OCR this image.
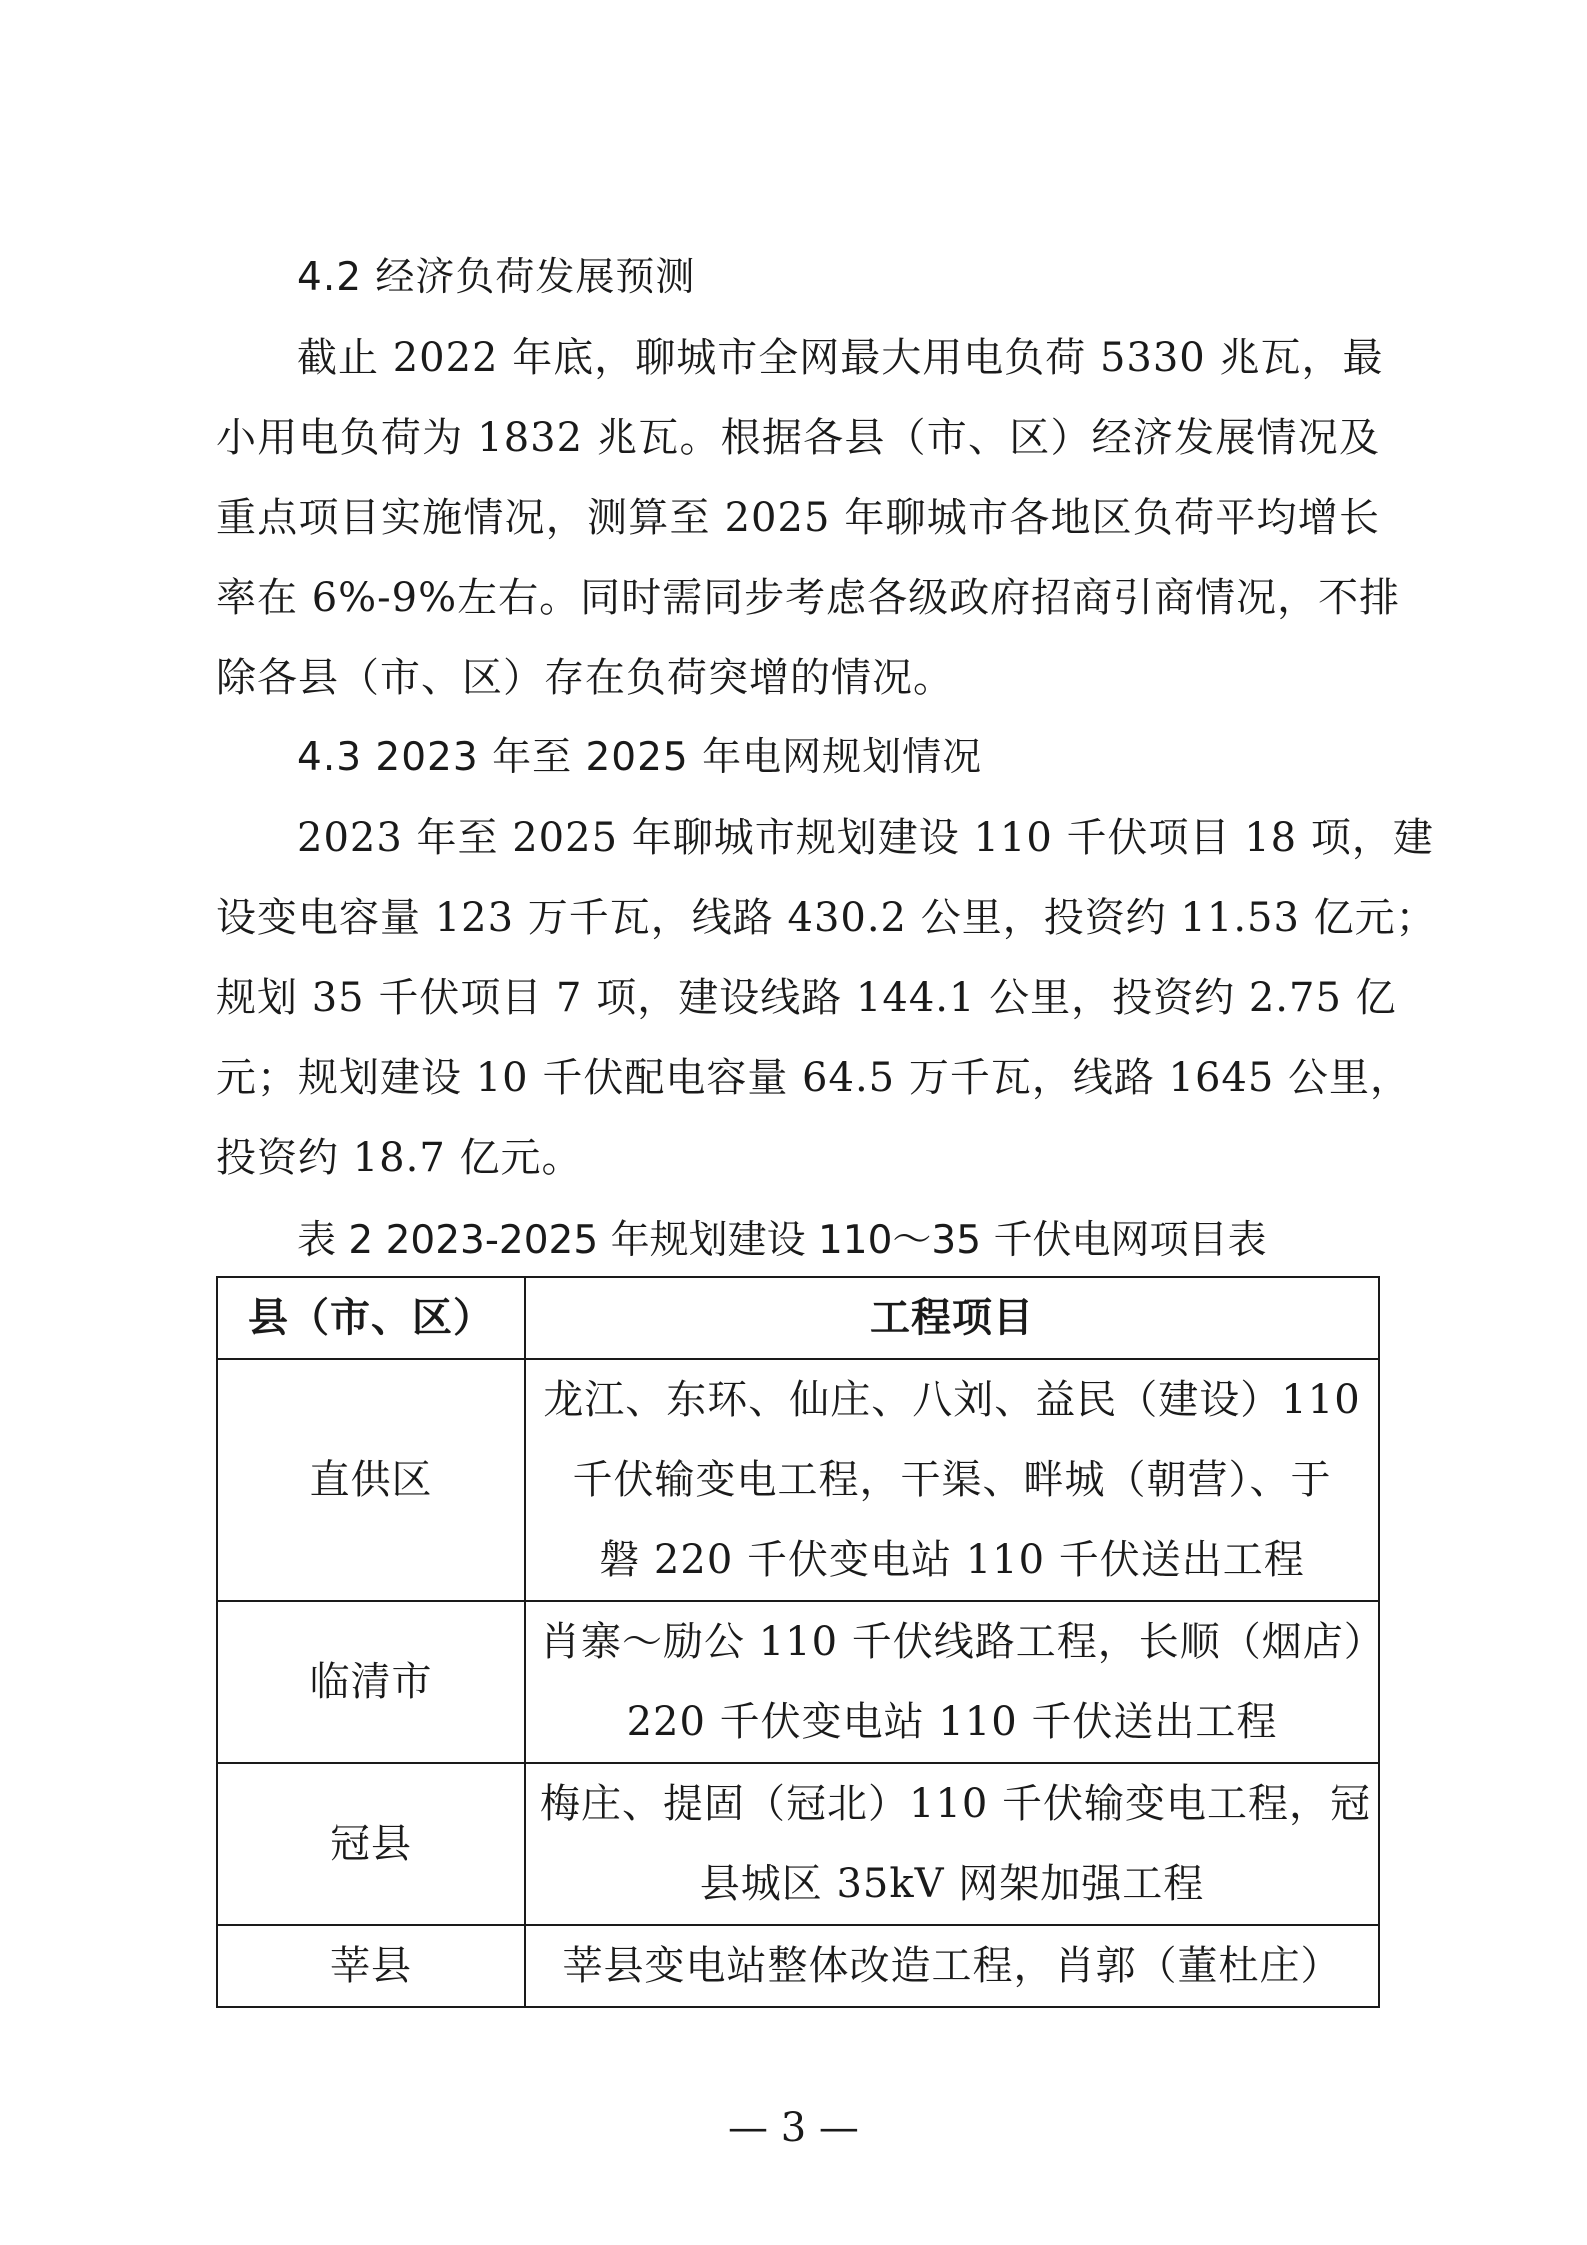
4.2 经济负荷发展预测
截止 2022 年底，聊城市全网最大用电负荷 5330 兆瓦，最
小用电负荷为 1832 兆瓦。根据各县（市、区）经济发展情况及
重点项目实施情况，测算至 2025 年聊城市各地区负荷平均增长
率在 6%-9%左右。同时需同步考虑各级政府招商引商情况，不排
除各县（市、区）存在负荷突增的情况。
4.3 2023 年至 2025 年电网规划情况
2023 年至 2025 年聊城市规划建设 110 千伏项目 18 项，建
设变电容量 123 万千瓦，线路 430.2 公里，投资约 11.53 亿元；
规划 35 千伏项目 7 项，建设线路 144.1 公里，投资约 2.75 亿
元；规划建设 10 千伏配电容量 64.5 万千瓦，线路 1645 公里，
投资约 18.7 亿元。
表 2 2023-2025 年规划建设 110～35 千伏电网项目表
县（市、区）	工程项目
直供区	龙江、东环、仙庄、八刘、益民（建设）110
千伏输变电工程，干渠、畔城（朝营）、于
磐 220 千伏变电站 110 千伏送出工程

临清市	肖寨～励公 110 千伏线路工程，长顺（烟店）
220 千伏变电站 110 千伏送出工程

冠县	梅庄、提固（冠北）110 千伏输变电工程，冠
县城区 35kV 网架加强工程

莘县	莘县变电站整体改造工程，肖郭（董杜庄）
— 3 —
